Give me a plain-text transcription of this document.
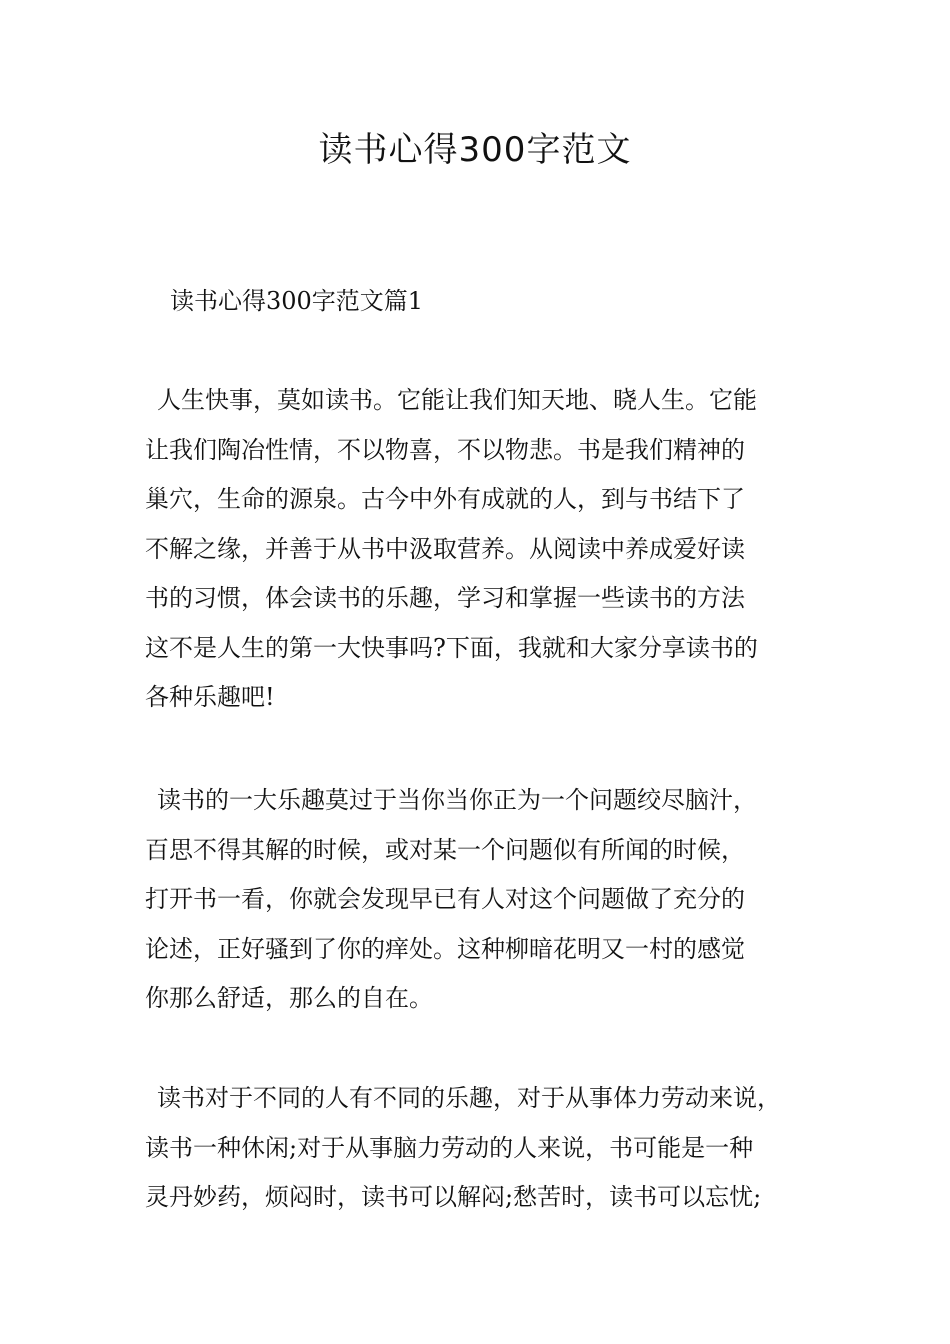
读书心得300字范文
读书心得300字范文篇1
人生快事，莫如读书。它能让我们知天地、晓人生。它能
让我们陶冶性情，不以物喜，不以物悲。书是我们精神的
巢穴，生命的源泉。古今中外有成就的人，到与书结下了
不解之缘，并善于从书中汲取营养。从阅读中养成爱好读
书的习惯，体会读书的乐趣，学习和掌握一些读书的方法
这不是人生的第一大快事吗?下面，我就和大家分享读书的
各种乐趣吧!
读书的一大乐趣莫过于当你当你正为一个问题绞尽脑汁，
百思不得其解的时候，或对某一个问题似有所闻的时候，
打开书一看，你就会发现早已有人对这个问题做了充分的
论述，正好骚到了你的痒处。这种柳暗花明又一村的感觉
你那么舒适，那么的自在。
读书对于不同的人有不同的乐趣，对于从事体力劳动来说，
读书一种休闲;对于从事脑力劳动的人来说，书可能是一种
灵丹妙药，烦闷时，读书可以解闷;愁苦时，读书可以忘忧;
